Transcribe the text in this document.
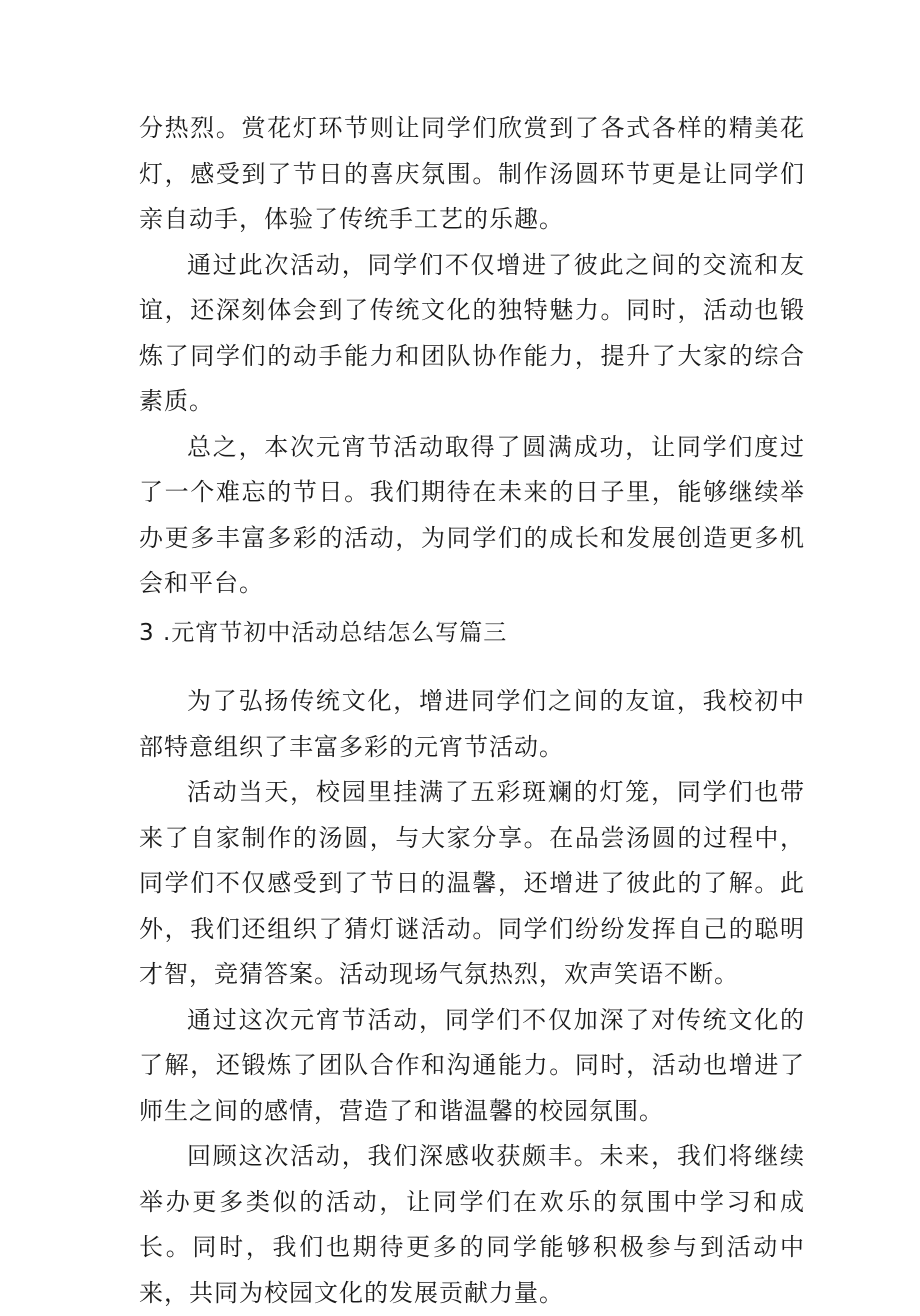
分热烈。赏花灯环节则让同学们欣赏到了各式各样的精美花灯，感受到了节日的喜庆氛围。制作汤圆环节更是让同学们亲自动手，体验了传统手工艺的乐趣。

通过此次活动，同学们不仅增进了彼此之间的交流和友谊，还深刻体会到了传统文化的独特魅力。同时，活动也锻炼了同学们的动手能力和团队协作能力，提升了大家的综合素质。

总之，本次元宵节活动取得了圆满成功，让同学们度过了一个难忘的节日。我们期待在未来的日子里，能够继续举办更多丰富多彩的活动，为同学们的成长和发展创造更多机会和平台。

3 .元宵节初中活动总结怎么写篇三

为了弘扬传统文化，增进同学们之间的友谊，我校初中部特意组织了丰富多彩的元宵节活动。

活动当天，校园里挂满了五彩斑斓的灯笼，同学们也带来了自家制作的汤圆，与大家分享。在品尝汤圆的过程中，同学们不仅感受到了节日的温馨，还增进了彼此的了解。此外，我们还组织了猜灯谜活动。同学们纷纷发挥自己的聪明才智，竞猜答案。活动现场气氛热烈，欢声笑语不断。

通过这次元宵节活动，同学们不仅加深了对传统文化的了解，还锻炼了团队合作和沟通能力。同时，活动也增进了师生之间的感情，营造了和谐温馨的校园氛围。

回顾这次活动，我们深感收获颇丰。未来，我们将继续举办更多类似的活动，让同学们在欢乐的氛围中学习和成长。同时，我们也期待更多的同学能够积极参与到活动中来，共同为校园文化的发展贡献力量。
